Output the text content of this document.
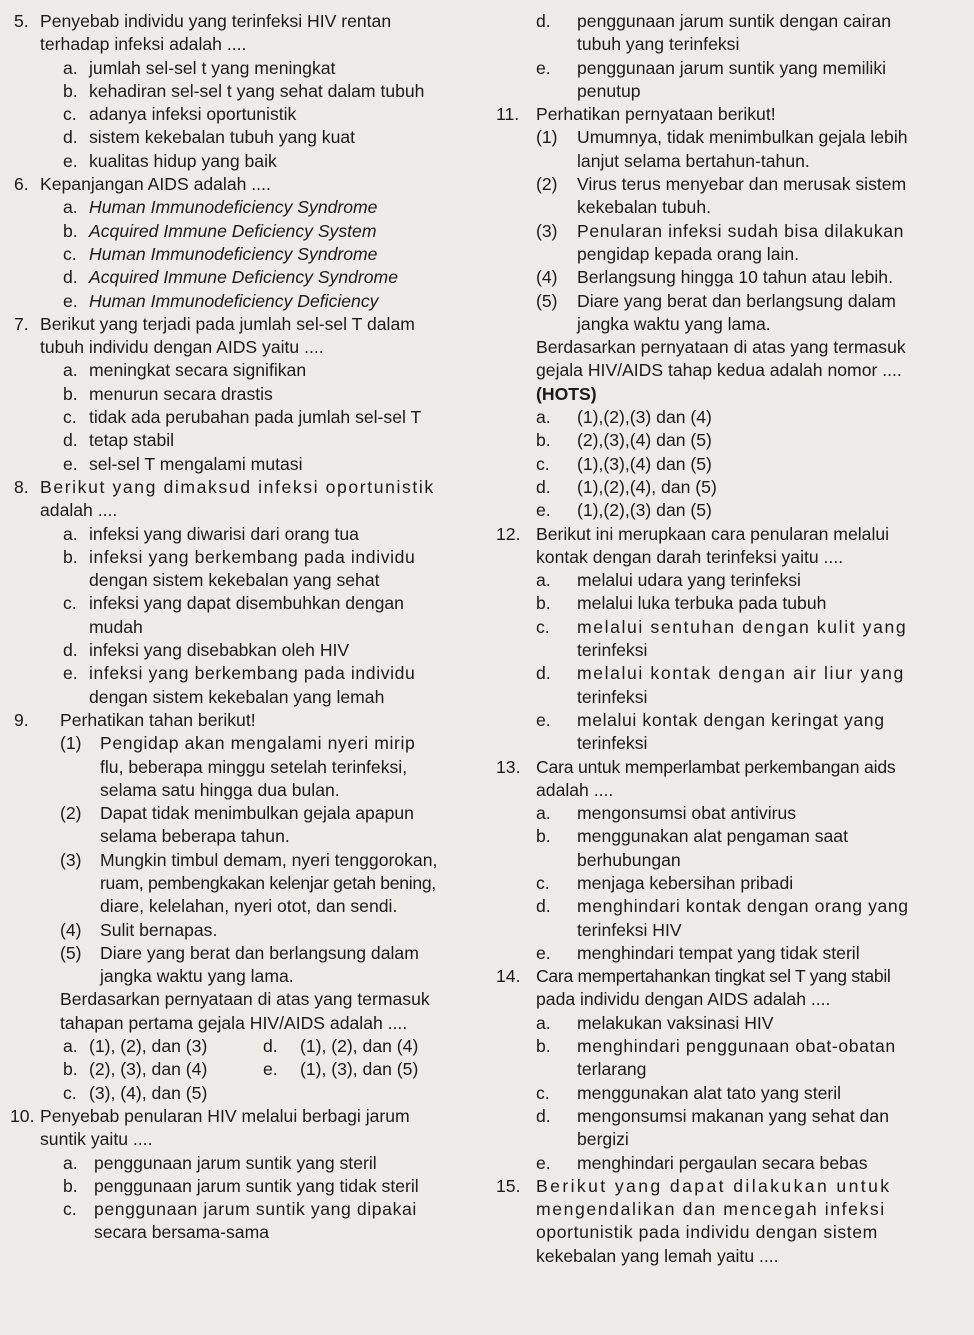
5. Penyebab individu yang terinfeksi HIV rentan
terhadap infeksi adalah ....
a. jumlah sel-sel t yang meningkat
b. kehadiran sel-sel t yang sehat dalam tubuh
c. adanya infeksi oportunistik
d. sistem kekebalan tubuh yang kuat
e. kualitas hidup yang baik
6. Kepanjangan AIDS adalah ....
a. Human Immunodeficiency Syndrome
b. Acquired Immune Deficiency System
c. Human Immunodeficiency Syndrome
d. Acquired Immune Deficiency Syndrome
e. Human Immunodeficiency Deficiency
7. Berikut yang terjadi pada jumlah sel-sel T dalam
tubuh individu dengan AIDS yaitu ....
a. meningkat secara signifikan
b. menurun secara drastis
c. tidak ada perubahan pada jumlah sel-sel T
d. tetap stabil
e. sel-sel T mengalami mutasi
8. Berikut yang dimaksud infeksi oportunistik
adalah ....
a. infeksi yang diwarisi dari orang tua
b. infeksi yang berkembang pada individu
dengan sistem kekebalan yang sehat
c. infeksi yang dapat disembuhkan dengan
mudah
d. infeksi yang disebabkan oleh HIV
e. infeksi yang berkembang pada individu
dengan sistem kekebalan yang lemah
9. Perhatikan tahan berikut!
(1) Pengidap akan mengalami nyeri mirip
flu, beberapa minggu setelah terinfeksi,
selama satu hingga dua bulan.
(2) Dapat tidak menimbulkan gejala apapun
selama beberapa tahun.
(3) Mungkin timbul demam, nyeri tenggorokan,
ruam, pembengkakan kelenjar getah bening,
diare, kelelahan, nyeri otot, dan sendi.
(4) Sulit bernapas.
(5) Diare yang berat dan berlangsung dalam
jangka waktu yang lama.
Berdasarkan pernyataan di atas yang termasuk
tahapan pertama gejala HIV/AIDS adalah ....
a. (1), (2), dan (3)	d. (1), (2), dan (4)
b. (2), (3), dan (4)	e. (1), (3), dan (5)
c. (3), (4), dan (5)
10. Penyebab penularan HIV melalui berbagi jarum
suntik yaitu ....
a. penggunaan jarum suntik yang steril
b. penggunaan jarum suntik yang tidak steril
c. penggunaan jarum suntik yang dipakai
secara bersama-sama
d. penggunaan jarum suntik dengan cairan
tubuh yang terinfeksi
e. penggunaan jarum suntik yang memiliki
penutup
11. Perhatikan pernyataan berikut!
(1) Umumnya, tidak menimbulkan gejala lebih
lanjut selama bertahun-tahun.
(2) Virus terus menyebar dan merusak sistem
kekebalan tubuh.
(3) Penularan infeksi sudah bisa dilakukan
pengidap kepada orang lain.
(4) Berlangsung hingga 10 tahun atau lebih.
(5) Diare yang berat dan berlangsung dalam
jangka waktu yang lama.
Berdasarkan pernyataan di atas yang termasuk
gejala HIV/AIDS tahap kedua adalah nomor ....
(HOTS)
a. (1),(2),(3) dan (4)
b. (2),(3),(4) dan (5)
c. (1),(3),(4) dan (5)
d. (1),(2),(4), dan (5)
e. (1),(2),(3) dan (5)
12. Berikut ini merupkaan cara penularan melalui
kontak dengan darah terinfeksi yaitu ....
a. melalui udara yang terinfeksi
b. melalui luka terbuka pada tubuh
c. melalui sentuhan dengan kulit yang
terinfeksi
d. melalui kontak dengan air liur yang
terinfeksi
e. melalui kontak dengan keringat yang
terinfeksi
13. Cara untuk memperlambat perkembangan aids
adalah ....
a. mengonsumsi obat antivirus
b. menggunakan alat pengaman saat
berhubungan
c. menjaga kebersihan pribadi
d. menghindari kontak dengan orang yang
terinfeksi HIV
e. menghindari tempat yang tidak steril
14. Cara mempertahankan tingkat sel T yang stabil
pada individu dengan AIDS adalah ....
a. melakukan vaksinasi HIV
b. menghindari penggunaan obat-obatan
terlarang
c. menggunakan alat tato yang steril
d. mengonsumsi makanan yang sehat dan
bergizi
e. menghindari pergaulan secara bebas
15. Berikut yang dapat dilakukan untuk
mengendalikan dan mencegah infeksi
oportunistik pada individu dengan sistem
kekebalan yang lemah yaitu ....
